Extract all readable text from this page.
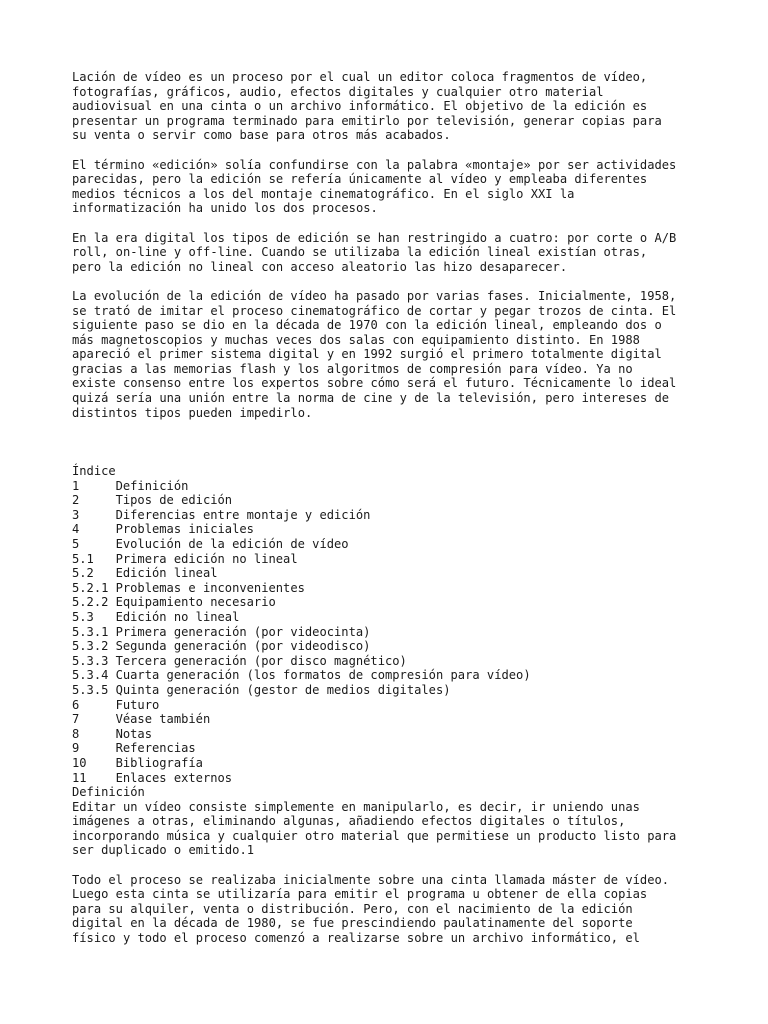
Lación de vídeo es un proceso por el cual un editor coloca fragmentos de vídeo,
fotografías, gráficos, audio, efectos digitales y cualquier otro material
audiovisual en una cinta o un archivo informático. El objetivo de la edición es
presentar un programa terminado para emitirlo por televisión, generar copias para
su venta o servir como base para otros más acabados.

El término «edición» solía confundirse con la palabra «montaje» por ser actividades
parecidas, pero la edición se refería únicamente al vídeo y empleaba diferentes
medios técnicos a los del montaje cinematográfico. En el siglo XXI la
informatización ha unido los dos procesos.

En la era digital los tipos de edición se han restringido a cuatro: por corte o A/B
roll, on-line y off-line. Cuando se utilizaba la edición lineal existían otras,
pero la edición no lineal con acceso aleatorio las hizo desaparecer.

La evolución de la edición de vídeo ha pasado por varias fases. Inicialmente, 1958,
se trató de imitar el proceso cinematográfico de cortar y pegar trozos de cinta. El
siguiente paso se dio en la década de 1970 con la edición lineal, empleando dos o
más magnetoscopios y muchas veces dos salas con equipamiento distinto. En 1988
apareció el primer sistema digital y en 1992 surgió el primero totalmente digital
gracias a las memorias flash y los algoritmos de compresión para vídeo. Ya no
existe consenso entre los expertos sobre cómo será el futuro. Técnicamente lo ideal
quizá sería una unión entre la norma de cine y de la televisión, pero intereses de
distintos tipos pueden impedirlo.

Índice
1	Definición
2	Tipos de edición
3	Diferencias entre montaje y edición
4	Problemas iniciales
5	Evolución de la edición de vídeo
5.1	Primera edición no lineal
5.2	Edición lineal
5.2.1 Problemas e inconvenientes
5.2.2 Equipamiento necesario
5.3	Edición no lineal
5.3.1 Primera generación (por videocinta)
5.3.2 Segunda generación (por videodisco)
5.3.3 Tercera generación (por disco magnético)
5.3.4 Cuarta generación (los formatos de compresión para vídeo)
5.3.5 Quinta generación (gestor de medios digitales)
6	Futuro
7	Véase también
8	Notas
9	Referencias
10	Bibliografía
11	Enlaces externos
Definición

Editar un vídeo consiste simplemente en manipularlo, es decir, ir uniendo unas
imágenes a otras, eliminando algunas, añadiendo efectos digitales o títulos,
incorporando música y cualquier otro material que permitiese un producto listo para
ser duplicado o emitido.1

Todo el proceso se realizaba inicialmente sobre una cinta llamada máster de vídeo.
Luego esta cinta se utilizaría para emitir el programa u obtener de ella copias
para su alquiler, venta o distribución. Pero, con el nacimiento de la edición
digital en la década de 1980, se fue prescindiendo paulatinamente del soporte
físico y todo el proceso comenzó a realizarse sobre un archivo informático, el
